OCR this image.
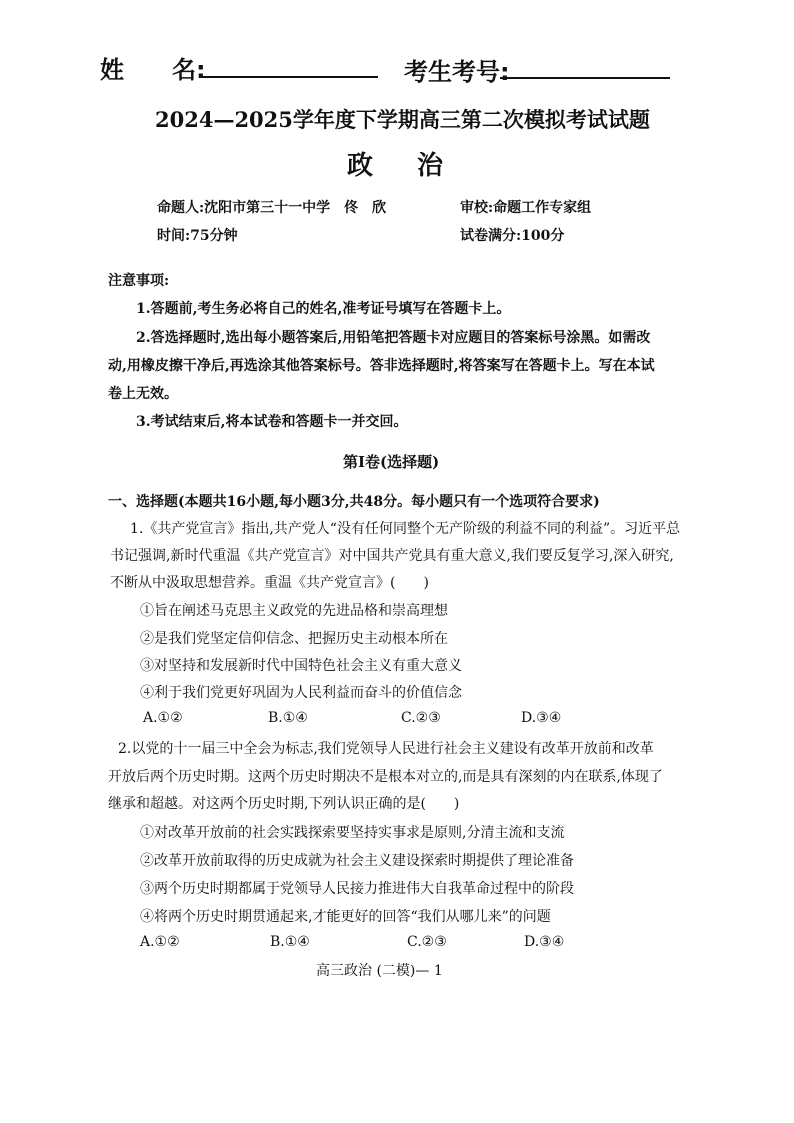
姓　　名:	考生考号:
2024—2025学年度下学期高三第二次模拟考试试题
政治
命题人:沈阳市第三十一中学　佟　欣	审校:命题工作专家组
时间:75分钟	试卷满分:100分
注意事项:
1.答题前,考生务必将自己的姓名,准考证号填写在答题卡上。
2.答选择题时,选出每小题答案后,用铅笔把答题卡对应题目的答案标号涂黑。如需改
动,用橡皮擦干净后,再选涂其他答案标号。答非选择题时,将答案写在答题卡上。写在本试
卷上无效。
3.考试结束后,将本试卷和答题卡一并交回。
第Ⅰ卷(选择题)
一、选择题(本题共16小题,每小题3分,共48分。每小题只有一个选项符合要求)
1.《共产党宣言》指出,共产党人“没有任何同整个无产阶级的利益不同的利益”。习近平总
书记强调,新时代重温《共产党宣言》对中国共产党具有重大意义,我们要反复学习,深入研究,
不断从中汲取思想营养。重温《共产党宣言》(　　)
①旨在阐述马克思主义政党的先进品格和崇高理想
②是我们党坚定信仰信念、把握历史主动根本所在
③对坚持和发展新时代中国特色社会主义有重大意义
④利于我们党更好巩固为人民利益而奋斗的价值信念
A.①②	B.①④	C.②③	D.③④
2.以党的十一届三中全会为标志,我们党领导人民进行社会主义建设有改革开放前和改革
开放后两个历史时期。这两个历史时期决不是根本对立的,而是具有深刻的内在联系,体现了
继承和超越。对这两个历史时期,下列认识正确的是(　　)
①对改革开放前的社会实践探索要坚持实事求是原则,分清主流和支流
②改革开放前取得的历史成就为社会主义建设探索时期提供了理论准备
③两个历史时期都属于党领导人民接力推进伟大自我革命过程中的阶段
④将两个历史时期贯通起来,才能更好的回答“我们从哪儿来”的问题
A.①②	B.①④	C.②③	D.③④
高三政治 (二模)— 1
